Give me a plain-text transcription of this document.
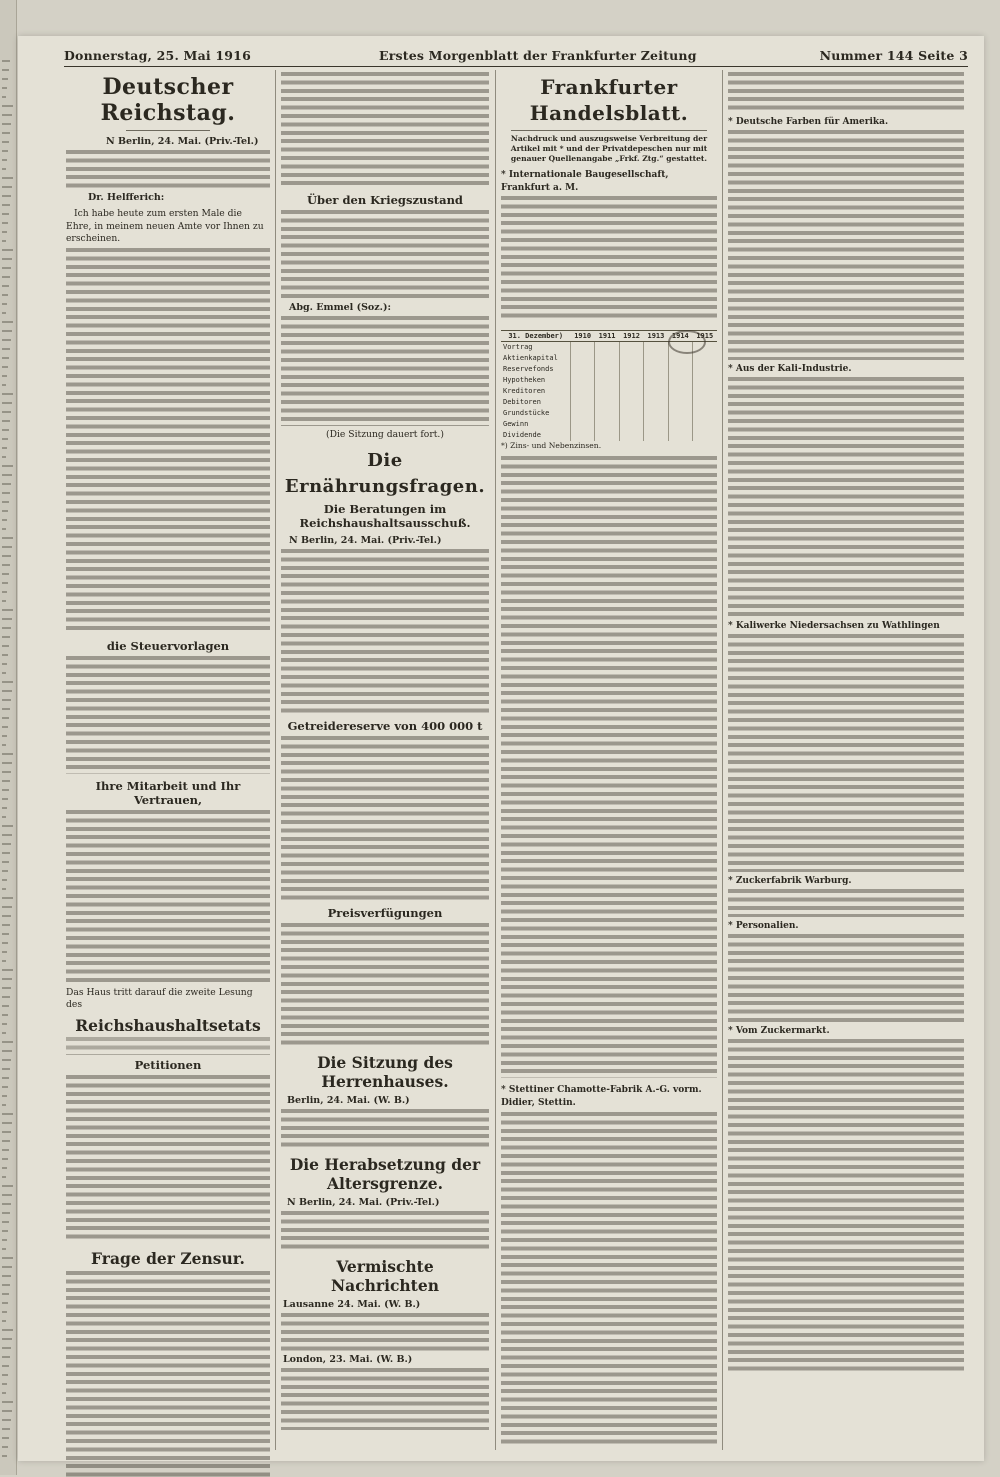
Donnerstag, 25. Mai 1916	Erstes Morgenblatt der Frankfurter Zeitung	Nummer 144 Seite 3
Deutscher Reichstag.
N Berlin, 24. Mai. (Priv.-Tel.)
Dr. Helfferich:
Ich habe heute zum ersten Male die Ehre, in meinem neuen Amte vor Ihnen zu erscheinen.
die Steuervorlagen
Ihre Mitarbeit und Ihr Vertrauen,
Das Haus tritt darauf die zweite Lesung des
Reichshaushaltsetats
Petitionen
Frage der Zensur.
Über den Kriegszustand
Abg. Emmel (Soz.):
(Die Sitzung dauert fort.)
Die Ernährungsfragen.
Die Beratungen im Reichshaushaltsausschuß.
N Berlin, 24. Mai. (Priv.-Tel.)
Getreidereserve von 400 000 t
Preisverfügungen
Die Sitzung des Herrenhauses.
Berlin, 24. Mai. (W. B.)
Die Herabsetzung der Altersgrenze.
N Berlin, 24. Mai. (Priv.-Tel.)
Vermischte Nachrichten
Lausanne 24. Mai. (W. B.)
London, 23. Mai. (W. B.)
Frankfurter Handelsblatt.
Nachdruck und auszugsweise Verbreitung der Artikel mit * und der Privatdepeschen nur mit genauer Quellenangabe „Frkf. Ztg.“ gestattet.
* Internationale Baugesellschaft, Frankfurt a. M.
31. Dezember)	1910	1911	1912	1913	1914	1915
Vortrag						
Aktienkapital						
Reservefonds						
Hypotheken						
Kreditoren						
Debitoren						
Grundstücke						
Gewinn						
Dividende						
*) Zins- und Nebenzinsen.
* Stettiner Chamotte-Fabrik A.-G. vorm. Didier, Stettin.
* Deutsche Farben für Amerika.
* Aus der Kali-Industrie.
* Kaliwerke Niedersachsen zu Wathlingen
* Zuckerfabrik Warburg.
* Personalien.
* Vom Zuckermarkt.
